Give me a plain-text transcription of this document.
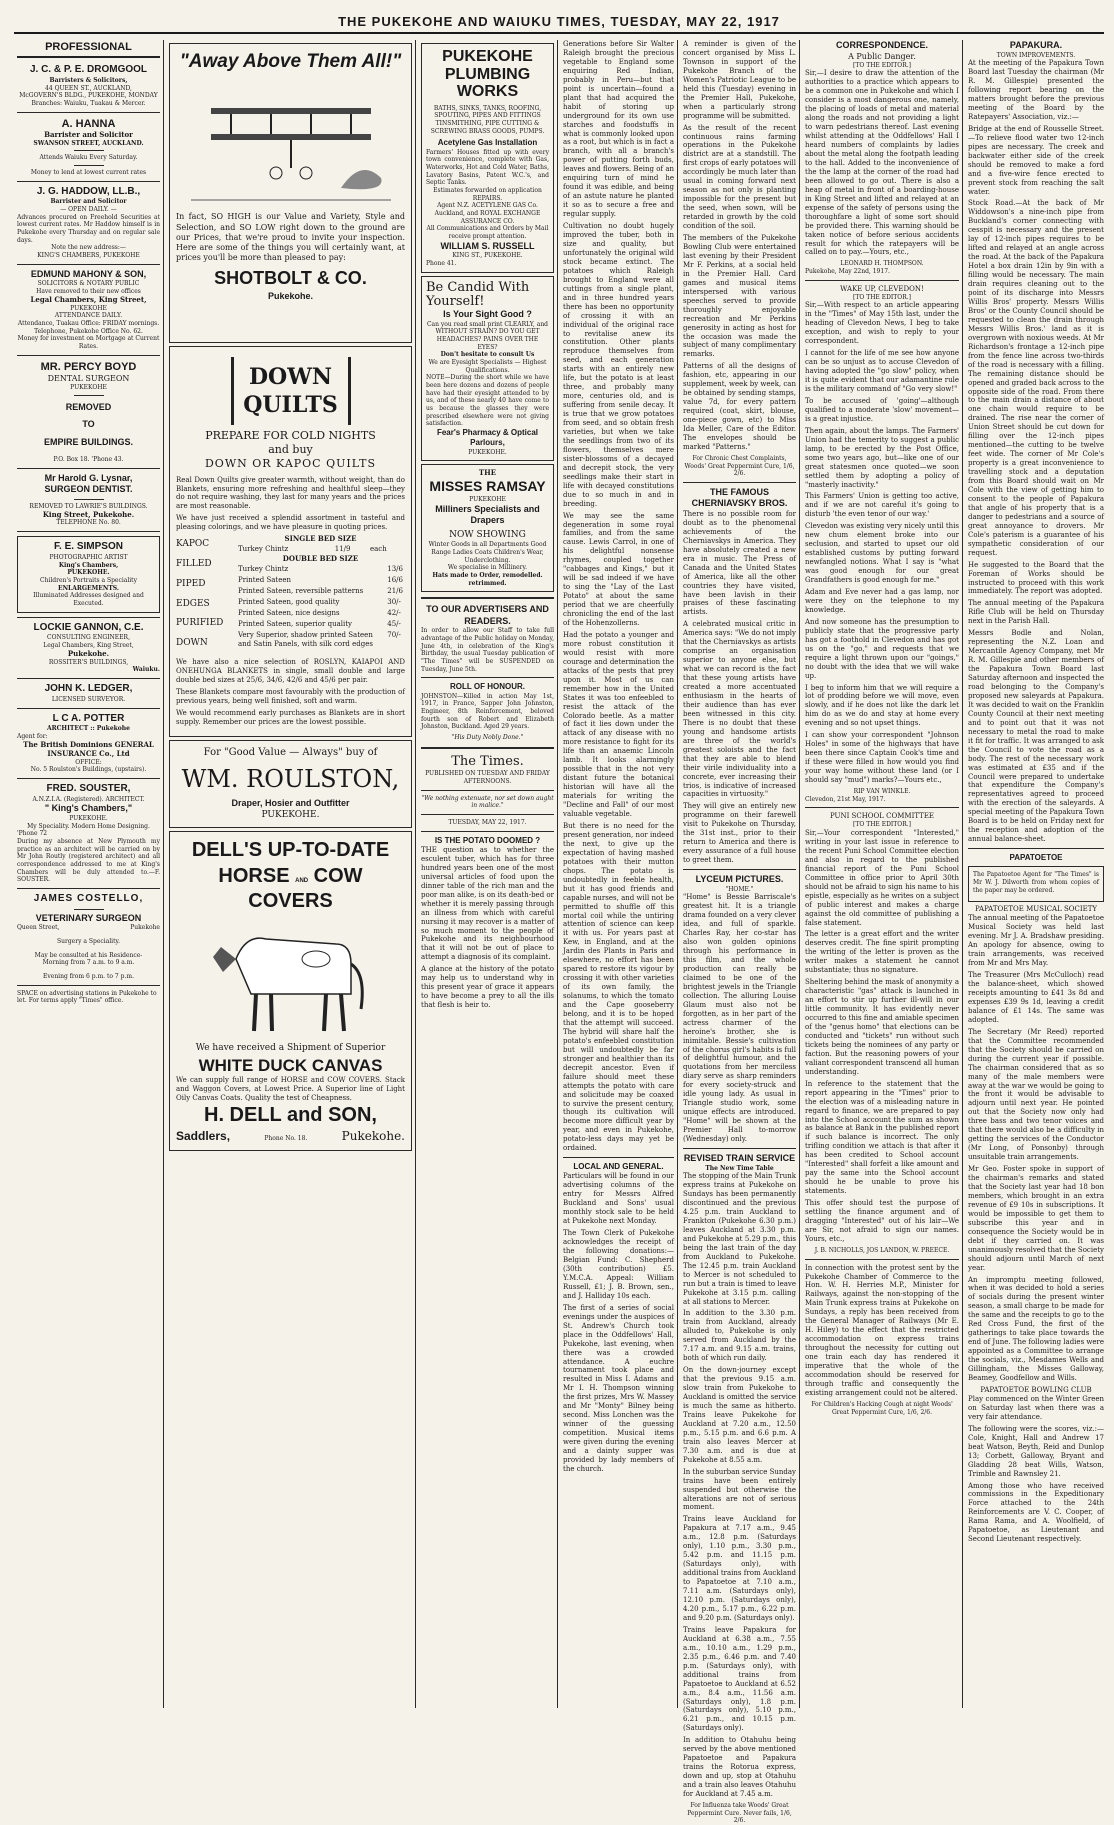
THE PUKEKOHE AND WAIUKU TIMES, TUESDAY, MAY 22, 1917
PROFESSIONAL
J. C. & P. E. DROMGOOL
Barristers & Solicitors,
44 QUEEN ST., AUCKLAND,
McGOVERN'S BLDG., PUKEKOHE, MONDAY
Branches: Waiuku, Tuakau & Mercer.
A. HANNA
Barrister and Solicitor
SWANSON STREET, AUCKLAND.
Attends Waiuku Every Saturday.
Money to lend at lowest current rates
J. G. HADDOW, LL.B.,
Barrister and Solicitor
— OPEN DAILY. —
Advances procured on Freehold Securities at lowest current rates. Mr Haddow himself is in Pukekohe every Thursday and on regular sale days.
Note the new address:—
KING'S CHAMBERS, PUKEKOHE
EDMUND MAHONY & SON,
SOLICITORS & NOTARY PUBLIC
Have removed to their new offices
Legal Chambers, King Street,
PUKEKOHE
ATTENDANCE DAILY.
Attendance, Tuakau Office: FRIDAY mornings. Telephone, Pukekohe Office No. 62.
Money for investment on Mortgage at Current Rates.
MR. PERCY BOYD
DENTAL SURGEON
PUKEKOHE
REMOVED
TO
EMPIRE BUILDINGS.
P.O. Box 18. 'Phone 43.
Mr Harold G. Lysnar,
SURGEON DENTIST.
REMOVED TO LAWRIE'S BUILDINGS.
King Street, Pukekohe.
TELEPHONE No. 80.
F. E. SIMPSON
PHOTOGRAPHIC ARTIST
King's Chambers,
PUKEKOHE.
Children's Portraits a Speciality
ENLARGEMENTS.
Illuminated Addresses designed and Executed.
LOCKIE GANNON, C.E.
CONSULTING ENGINEER,
Legal Chambers, King Street,
Pukekohe.
ROSSITER'S BUILDINGS,
Waiuku.
JOHN K. LEDGER,
LICENSED SURVEYOR.
L C A. POTTER
ARCHITECT :: Pukekohe
Agent for:
The British Dominions GENERAL INSURANCE Co., Ltd
OFFICE:
No. 5 Roulston's Buildings, (upstairs).
FRED. SOUSTER,
A.N.Z.I.A. (Registered). ARCHITECT.
" King's Chambers,"
PUKEKOHE.
My Speciality. Modern Home Designing.
'Phone 72
During my absence at New Plymouth my practice as an architect will be carried on by Mr John Routly (registered architect) and all correspondence addressed to me at King's Chambers will be duly attended to.—F. SOUSTER.
JAMES COSTELLO,
VETERINARY SURGEON
Queen Street,	Pukekohe
Surgery a Speciality.
May be consulted at his Residence-
Morning from 7 a.m. to 9 a.m.
Evening from 6 p.m. to 7 p.m.
SPACE on advertising stations in Pukekohe to let. For terms apply "Times" office.
"Away Above Them All!"
In fact, SO HIGH is our Value and Variety, Style and Selection, and SO LOW right down to the ground are our Prices, that we're proud to invite your inspection. Here are some of the things you will certainly want, at prices you'll be more than pleased to pay:
SHOTBOLT & CO.
Pukekohe.
DOWN
QUILTS
PREPARE FOR COLD NIGHTS
and buy
DOWN OR KAPOC QUILTS

Real Down Quilts give greater warmth, without weight, than do Blankets, ensuring more refreshing and healthful sleep—they do not require washing, they last for many years and the prices are most reasonable.

We have just received a splendid assortment in tasteful and pleasing colorings, and we have pleasure in quoting prices.

KAPOC
FILLED
PIPED
EDGES
PURIFIED
DOWN
SINGLE BED SIZE
Turkey Chintz	11/9	each
DOUBLE BED SIZE
Turkey Chintz	13/6
Printed Sateen	16/6
Printed Sateen, reversible patterns	21/6
Printed Sateen, good quality	30/-
Printed Sateen, nice designs	42/-
Printed Sateen, superior quality	45/-
Very Superior, shadow printed Sateen and Satin Panels, with silk cord edges	70/-

We have also a nice selection of ROSLYN, KAIAPOI AND ONEHUNGA BLANKETS in single, small double and large double bed sizes at 25/6, 34/6, 42/6 and 45/6 per pair.

These Blankets compare most favourably with the production of previous years, being well finished, soft and warm.

We would recommend early purchases as Blankets are in short supply. Remember our prices are the lowest possible.

For "Good Value — Always" buy of
WM. ROULSTON,
Draper, Hosier and Outfitter
PUKEKOHE.
DELL'S UP-TO-DATE
HORSE AND COW COVERS
We have received a Shipment of Superior
WHITE DUCK CANVAS
We can supply full range of HORSE and COW COVERS. Stack and Waggon Covers, at Lowest Price. A Superior line of Light Oily Canvas Coats. Quality the test of Cheapness.
H. DELL and SON,
Saddlers,	Phone No. 18.	Pukekohe.
PUKEKOHE PLUMBING WORKS
BATHS, SINKS, TANKS, ROOFING, SPOUTING, PIPES AND FITTINGS TINSMITHING, PIPE CUTTING & SCREWING BRASS GOODS, PUMPS.
Acetylene Gas Installation
Farmers' Houses fitted up with every town convenience, complete with Gas, Waterworks, Hot and Cold Water, Baths, Lavatory Basins, Patent W.C.'s, and Septic Tanks.
Estimates forwarded on application
REPAIRS.
Agent N.Z. ACETYLENE GAS Co. Auckland, and ROYAL EXCHANGE ASSURANCE CO.
All Communications and Orders by Mail receive prompt attention.
WILLIAM S. RUSSELL
KING ST., PUKEKOHE.
Phone 41.
Be Candid With Yourself!
Is Your Sight Good ?
Can you read small print CLEARLY, and WITHOUT STRAIN? DO YOU GET HEADACHES? PAINS OVER THE EYES?
Don't hesitate to consult Us
We are Eyesight Specialists — Highest Qualifications.
NOTE—During the short while we have been here dozens and dozens of people have had their eyesight attended to by us, and of these nearly 40 have come to us because the glasses they were prescribed elsewhere were not giving satisfaction.
Fear's Pharmacy & Optical Parlours,
PUKEKOHE.
THE
MISSES RAMSAY
PUKEKOHE
Milliners Specialists and Drapers
NOW SHOWING
Winter Goods in all Departments Good Range Ladies Coats Children's Wear, Underclothing.
We specialise in Millinery.
Hats made to Order, remodelled. retrimmed.
TO OUR ADVERTISERS AND READERS.

In order to allow our Staff to take full advantage of the Public holiday on Monday, June 4th, in celebration of the King's Birthday, the usual Tuesday publication of "The Times" will be SUSPENDED on Tuesday, June 5th.

ROLL OF HONOUR.

JOHNSTON—Killed in action May 1st, 1917, in France, Sapper John Johnston, Engineer, 8th Reinforcement, beloved fourth son of Robert and Elizabeth Johnston, Buckland. Aged 29 years.

"His Duty Nobly Done."
The Times.
PUBLISHED ON TUESDAY AND FRIDAY AFTERNOONS.
"We nothing extenuate, nor set down aught in malice."
TUESDAY, MAY 22, 1917.
IS THE POTATO DOOMED ?

THE question as to whether the esculent tuber, which has for three hundred years been one of the most universal articles of food upon the dinner table of the rich man and the poor man alike, is on its death-bed or whether it is merely passing through an illness from which with careful nursing it may recover is a matter of so much moment to the people of Pukekohe and its neighbourhood that it will not be out of place to attempt a diagnosis of its complaint.

A glance at the history of the potato may help us to understand why in this present year of grace it appears to have become a prey to all the ills that flesh is heir to.

Generations before Sir Walter Raleigh brought the precious vegetable to England some enquiring Red Indian, probably in Peru—but that point is uncertain—found a plant that had acquired the habit of storing up underground for its own use starches and foodstuffs in what is commonly looked upon as a root, but which is in fact a branch, with all a branch's power of putting forth buds, leaves and flowers. Being of an enquiring turn of mind he found it was edible, and being of an astute nature he planted it so as to secure a free and regular supply.

Cultivation no doubt hugely improved the tuber, both in size and quality, but unfortunately the original wild stock became extinct. The potatoes which Raleigh brought to England were all cuttings from a single plant, and in three hundred years there has been no opportunity of crossing it with an individual of the original race to revitalise anew its constitution. Other plants reproduce themselves from seed, and each generation starts with an entirely new life, but the potato is at least three, and probably many more, centuries old, and is suffering from senile decay. It is true that we grow potatoes from seed, and so obtain fresh varieties, but when we take the seedlings from two of its flowers, themselves mere sister-blossoms of a decayed and decrepit stock, the very seedlings make their start in life with decayed constitutions due to so much in and in breeding.

We may see the same degeneration in some royal families, and from the same cause. Lewis Carrol, in one of his delightful nonsense rhymes, coupled together "cabbages and Kings," but it will be sad indeed if we have to sing the "Lay of the Last Potato" at about the same period that we are cheerfully chronicling the end of the last of the Hohenzollerns.

Had the potato a younger and more robust constitution it would resist with more courage and determination the attacks of the pests that prey upon it. Most of us can remember how in the United States it was too enfeebled to resist the attack of the Colorado beetle. As a matter of fact it lies down under the attack of any disease with no more resistance to fight for its life than an anaemic Lincoln lamb. It looks alarmingly possible that in the not very distant future the botanical historian will have all the materials for writing the "Decline and Fall" of our most valuable vegetable.

But there is no need for the present generation, nor indeed the next, to give up the expectation of having mashed potatoes with their mutton chops. The potato is undoubtedly in feeble health, but it has good friends and capable nurses, and will not be permitted to shuffle off this mortal coil while the untiring attention of science can keep it with us. For years past at Kew, in England, and at the Jardin des Plants in Paris and elsewhere, no effort has been spared to restore its vigour by crossing it with other varieties of its own family, the solanums, to which the tomato and the Cape gooseberry belong, and it is to be hoped that the attempt will succeed. The hybrid will share half the potato's enfeebled constitution but will undoubtedly be far stronger and healthier than its decrepit ancestor. Even if failure should meet these attempts the potato with care and solicitude may be coaxed to survive the present century, though its cultivation will become more difficult year by year, and even in Pukekohe, potato-less days may yet be ordained.

LOCAL AND GENERAL.

Particulars will be found in our advertising columns of the entry for Messrs Alfred Buckland and Sons' usual monthly stock sale to be held at Pukekohe next Monday.

The Town Clerk of Pukekohe acknowledges the receipt of the following donations:— Belgian Fund: C. Shepherd (30th contribution) £5. Y.M.C.A. Appeal: William Russell, £1; J. B. Brown, sen., and J. Halliday 10s each.

The first of a series of social evenings under the auspices of St. Andrew's Church took place in the Oddfellows' Hall, Pukekohe, last evening, when there was a crowded attendance. A euchre tournament took place and resulted in Miss I. Adams and Mr I. H. Thompson winning the first prizes, Mrs W. Massey and Mr "Monty" Bilney being second. Miss Lonchen was the winner of the guessing competition. Musical items were given during the evening and a dainty supper was provided by lady members of the church.

A reminder is given of the concert organised by Miss L. Townson in support of the Pukekohe Branch of the Women's Patriotic League to be held this (Tuesday) evening in the Premier Hall, Pukekohe, when a particularly strong programme will be submitted.

As the result of the recent continuous rains farming operations in the Pukekohe district are at a standstill. The first crops of early potatoes will accordingly be much later than usual in coming forward next season as not only is planting impossible for the present but the seed, when sown, will be retarded in growth by the cold condition of the soil.

The members of the Pukekohe Bowling Club were entertained last evening by their President Mr F. Perkins, at a social held in the Premier Hall. Card games and musical items interspersed with various speeches served to provide thoroughly enjoyable recreation and Mr Perkins generosity in acting as host for the occasion was made the subject of many complimentary remarks.

Patterns of all the designs of fashion, etc, appearing in our supplement, week by week, can be obtained by sending stamps, value 7d, for every pattern required (coat, skirt, blouse, one-piece gown, etc) to Miss Ida Meller, Care of the Editor. The envelopes should be marked "Patterns."

For Chronic Chest Complaints, Woods' Great Peppermint Cure, 1/6, 2/6.
THE FAMOUS CHERNIAVSKY BROS.

There is no possible room for doubt as to the phenomenal achievements of the Cherniavskys in America. They have absolutely created a new era in music. The Press of Canada and the United States of America, like all the other countries they have visited, have been lavish in their praises of these fascinating artists.

A celebrated musical critic in America says: "We do not imply that the Cherniavskys as artists comprise an organisation superior to anyone else, but what we can record is the fact that these young artists have created a more accentuated enthusiasm in the hearts of their audience than has ever been witnessed in this city. There is no doubt that these young and handsome artists are three of the world's greatest soloists and the fact that they are able to blend their virile individuality into a concrete, ever increasing their trios, is indicative of increased capacities in virtuosity."

They will give an entirely new programme on their farewell visit to Pukekohe on Thursday, the 31st inst., prior to their return to America and there is every assurance of a full house to greet them.

LYCEUM PICTURES.
"HOME."

"Home" is Bessie Barriscale's greatest hit. It is a triangle drama founded on a very clever idea, and full of sparkle. Charles Ray, her co-star has also won golden opinions through his performance in this film, and the whole production can really be claimed to be one of the brightest jewels in the Triangle collection. The alluring Louise Glaum must also not be forgotten, as in her part of the actress charmer of the heroine's brother, she is inimitable. Bessie's cultivation of the chorus girl's habits is full of delightful humour, and the quotations from her merciless diary serve as sharp reminders for every society-struck and idle young lady. As usual in Triangle studio work, some unique effects are introduced. "Home" will be shown at the Premier Hall to-morrow (Wednesday) only.

REVISED TRAIN SERVICE
The New Time Table

The stopping of the Main Trunk express trains at Pukekohe on Sundays has been permanently discontinued and the previous 4.25 p.m. train Auckland to Frankton (Pukekohe 6.30 p.m.) leaves Auckland at 3.30 p.m. and Pukekohe at 5.29 p.m., this being the last train of the day from Auckland to Pukekohe. The 12.45 p.m. train Auckland to Mercer is not scheduled to run but a train is timed to leave Pukekohe at 3.15 p.m. calling at all stations to Mercer.

In addition to the 3.30 p.m. train from Auckland, already alluded to, Pukekohe is only served from Auckland by the 7.17 a.m. and 9.15 a.m. trains, both of which run daily.

On the down-journey except that the previous 9.15 a.m. slow train from Pukekohe to Auckland is omitted the service is much the same as hitherto. Trains leave Pukekohe for Auckland at 7.20 a.m., 12.50 p.m., 5.15 p.m. and 6.6 p.m. A train also leaves Mercer at 7.30 a.m. and is due at Pukekohe at 8.55 a.m.

In the suburban service Sunday trains have been entirely suspended but otherwise the alterations are not of serious moment.

Trains leave Auckland for Papakura at 7.17 a.m., 9.45 a.m., 12.8 p.m. (Saturdays only), 1.10 p.m., 3.30 p.m., 5.42 p.m. and 11.15 p.m. (Saturdays only), with additional trains from Auckland to Papatoetoe at 7.10 a.m., 7.11 a.m. (Saturdays only), 12.10 p.m. (Saturdays only), 4.20 p.m., 5.17 p.m., 6.22 p.m. and 9.20 p.m. (Saturdays only).

Trains leave Papakura for Auckland at 6.38 a.m., 7.55 a.m., 10.10 a.m., 1.29 p.m., 2.35 p.m., 6.46 p.m. and 7.40 p.m. (Saturdays only), with additional trains from Papatoetoe to Auckland at 6.52 a.m., 8.4 a.m., 11.56 a.m. (Saturdays only), 1.8 p.m. (Saturdays only), 5.10 p.m., 6.21 p.m., and 10.15 p.m. (Saturdays only).

In addition to Otahuhu being served by the above mentioned Papatoetoe and Papakura trains the Rotorua express, down and up, stop at Otahuhu and a train also leaves Otahuhu for Auckland at 7.45 a.m.

For Influenza take Woods' Great Peppermint Cure. Never fails, 1/6, 2/6.
CORRESPONDENCE.
A Public Danger.
[TO THE EDITOR.]

Sir,—I desire to draw the attention of the authorities to a practice which appears to be a common one in Pukekohe and which I consider is a most dangerous one, namely, the placing of loads of metal and material along the roads and not providing a light to warn pedestrians thereof. Last evening whilst attending at the Oddfellows' Hall I heard numbers of complaints by ladies about the metal along the footpath leading to the hall. Added to the inconvenience of the the lamp at the corner of the road had been allowed to go out. There is also a heap of metal in front of a boarding-house in King Street and lifted and relayed at an expense of the safety of persons using the thoroughfare a light of some sort should be provided there. This warning should be taken notice of before serious accidents result for which the ratepayers will be called on to pay.—Yours, etc.,

LEONARD H. THOMPSON.
Pukekohe, May 22nd, 1917.
WAKE UP, CLEVEDON!
[TO THE EDITOR.]

Sir,—With respect to an article appearing in the "Times" of May 15th last, under the heading of Clevedon News, I beg to take exception, and wish to reply to your correspondent.

I cannot for the life of me see how anyone can be so unjust as to accuse Clevedon of having adopted the "go slow" policy, when it is quite evident that our adamantine rule is the military command of "Go very slow!"

To be accused of 'going'—although qualified to a moderate 'slow' movement—is a great injustice.

Then again, about the lamps. The Farmers' Union had the temerity to suggest a public lamp, to be erected by the Post Office, some two years ago, but—like one of our great statesmen once quoted—we soon settled them by adopting a policy of "masterly inactivity."

This Farmers' Union is getting too active, and if we are not careful it's going to disturb 'the even tenor of our way.'

Clevedon was existing very nicely until this new chum element broke into our seclusion, and started to upset our old established customs by putting forward newfangled notions. What I say is "what was good enough for our great Grandfathers is good enough for me."

Adam and Eve never had a gas lamp, nor were they on the telephone to my knowledge.

And now someone has the presumption to publicly state that the progressive party has got a foothold in Clevedon and has got us on the "go," and requests that we require a light thrown upon our "goings," no doubt with the idea that we will wake up.

I beg to inform him that we will require a lot of prodding before we will move, even slowly, and if he does not like the dark let him do as we do and stay at home every evening and so not upset things.

I can show your correspondent "Johnson Holes" in some of the highways that have been there since Captain Cook's time and if these were filled in how would you find your way home without these land (or I should say "mud") marks?—Yours etc.,

RIP VAN WINKLE.
Clevedon, 21st May, 1917.
PUNI SCHOOL COMMITTEE
[TO THE EDITOR.]

Sir,—Your correspondent "Interested," writing in your last issue in reference to the recent Puni School Committee election and also in regard to the published financial report of the Puni School Committee in office prior to April 30th should not be afraid to sign his name to his epistle, especially as he writes on a subject of public interest and makes a charge against the old committee of publishing a false statement.

The letter is a great effort and the writer deserves credit. The fine spirit prompting the writing of the letter is proven as the writer makes a statement he cannot substantiate; thus no signature.

Sheltering behind the mask of anonymity a characteristic "gas" attack is launched in an effort to stir up further ill-will in our little community. It has evidently never occurred to this fine and amiable specimen of the "genus homo" that elections can be conducted and "tickets" run without such tickets being the nominees of any party or faction. But the reasoning powers of your valiant correspondent transcend all human understanding.

In reference to the statement that the report appearing in the "Times" prior to the election was of a misleading nature in regard to finance, we are prepared to pay into the School account the sum as shown as balance at Bank in the published report if such balance is incorrect. The only trifling condition we attach is that after it has been credited to School account "Interested" shall forfeit a like amount and pay the same into the School account should he be unable to prove his statements.

This offer should test the purpose of settling the finance argument and of dragging "Interested" out of his lair—We are Sir, not afraid to sign our names. Yours, etc.,

J. B. NICHOLLS, JOS LANDON, W. PREECE.

In connection with the protest sent by the Pukekohe Chamber of Commerce to the Hon. W. H. Herries M.P., Minister for Railways, against the non-stopping of the Main Trunk express trains at Pukekohe on Sundays, a reply has been received from the General Manager of Railways (Mr E. H. Hiley) to the effect that the restricted accommodation on express trains throughout the necessity for cutting out one train each day has rendered it imperative that the whole of the accommodation should be reserved for through traffic and consequently the existing arrangement could not be altered.

For Children's Hacking Cough at night Woods' Great Peppermint Cure, 1/6, 2/6.
PAPAKURA.
TOWN IMPROVEMENTS.

At the meeting of the Papakura Town Board last Tuesday the chairman (Mr R. M. Gillespie) presented the following report bearing on the matters brought before the previous meeting of the Board by the Ratepayers' Association, viz.:—

Bridge at the end of Rousselle Street.—To relieve flood water two 12-inch pipes are necessary. The creek and backwater either side of the creek should be removed to make a ford and a five-wire fence erected to prevent stock from reaching the salt water.

Stock Road.—At the back of Mr Widdowson's a nine-inch pipe from Buckland's corner connecting with cesspit is necessary and the present lay of 12-inch pipes requires to be lifted and relayed at an angle across the road. At the back of the Papakura Hotel a box drain 12in by 9in with a filling would be necessary. The main drain requires cleaning out to the point of its discharge into Messrs Willis Bros' property. Messrs Willis Bros' or the County Council should be requested to clean the drain through Messrs Willis Bros.' land as it is overgrown with noxious weeds. At Mr Richardson's frontage a 12-inch pipe from the fence line across two-thirds of the road is necessary with a filling. The remaining distance should be opened and graded back across to the opposite side of the road. From there to the main drain a distance of about one chain would require to be drained. The rise near the corner of Union Street should be cut down for filling over the 12-inch pipes mentioned—the cutting to be twelve feet wide. The corner of Mr Cole's property is a great inconvenience to travelling stock and a deputation from this Board should wait on Mr Cole with the view of getting him to consent to the people of Papakura that angle of his property that is a danger to pedestrians and a source of great annoyance to drovers. Mr Cole's paterism is a guarantee of his sympathetic consideration of our request.

He suggested to the Board that the Foreman of Works should be instructed to proceed with this work immediately. The report was adopted.

The annual meeting of the Papakura Rifle Club will be held on Thursday next in the Parish Hall.

Messrs Bodle and Nolan, representing the N.Z. Loan and Mercantile Agency Company, met Mr R. M. Gillespie and other members of the Papakura Town Board last Saturday afternoon and inspected the road belonging to the Company's proposed new saleyards at Papakura. It was decided to wait on the Franklin County Council at their next meeting and to point out that it was not necessary to metal the road to make it fit for traffic. It was arranged to ask the Council to vote the road as a body. The rest of the necessary work was estimated at £35 and if the Council were prepared to undertake that expenditure the Company's representatives agreed to proceed with the erection of the saleyards. A special meeting of the Papakura Town Board is to be held on Friday next for the reception and adoption of the annual balance-sheet.

PAPATOETOE

The Papatoetoe Agent for "The Times" is Mr W. J. Dilworth from whom copies of the paper may be ordered.

PAPATOETOE MUSICAL SOCIETY

The annual meeting of the Papatoetoe Musical Society was held last evening. Mr J. A. Bradshaw presiding. An apology for absence, owing to train arrangements, was received from Mr and Mrs May.

The Treasurer (Mrs McCulloch) read the balance-sheet, which showed receipts amounting to £41 3s 8d and expenses £39 9s 1d, leaving a credit balance of £1 14s. The same was adopted.

The Secretary (Mr Reed) reported that the Committee recommended that the Society should be carried on during the current year if possible. The chairman considered that as so many of the male members were away at the war we would be going to the front it would be advisable to adjourn until next year. He pointed out that the Society now only had three bass and two tenor voices and that there would also be a difficulty in getting the services of the Conductor (Mr Long, of Ponsonby) through unsuitable train arrangements.

Mr Geo. Foster spoke in support of the chairman's remarks and stated that the Society last year had 18 bon members, which brought in an extra revenue of £9 10s in subscriptions. It would be impossible to get them to subscribe this year and in consequence the Society would be in debt if they carried on. It was unanimously resolved that the Society should adjourn until March of next year.

An impromptu meeting followed, when it was decided to hold a series of socials during the present winter season, a small charge to be made for the same and the receipts to go to the Red Cross Fund, the first of the gatherings to take place towards the end of June. The following ladies were appointed as a Committee to arrange the socials, viz., Mesdames Wells and Gillingham, the Misses Galloway, Beamey, Goodfellow and Wills.

PAPATOETOE BOWLING CLUB

Play commenced on the Winter Green on Saturday last when there was a very fair attendance.

The following were the scores, viz.:—Cole, Knight, Hall and Andrew 17 beat Watson, Beyth, Reid and Dunlop 13; Corbett, Galloway, Bryant and Gladding 28 beat Wills, Watson, Trimble and Rawnsley 21.

Among those who have received commissions in the Expeditionary Force attached to the 24th Reinforcements are V. C. Cooper, of Rama Rama, and A. Woolfield, of Papatoetoe, as Lieutenant and Second Lieutenant respectively.
